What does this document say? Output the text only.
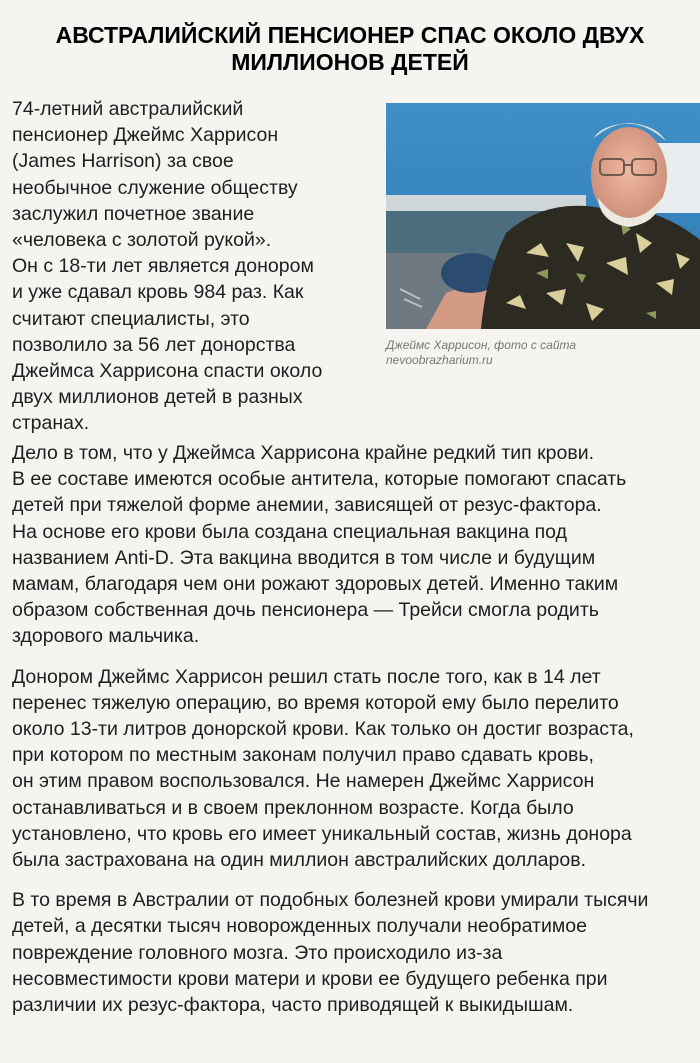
АВСТРАЛИЙСКИЙ ПЕНСИОНЕР СПАС ОКОЛО ДВУХ
МИЛЛИОНОВ ДЕТЕЙ

74-летний австралийский
пенсионер Джеймс Харрисон
(James Harrison) за свое
необычное служение обществу
заслужил почетное звание
«человека с золотой рукой».
Он с 18-ти лет является донором
и уже сдавал кровь 984 раз. Как
считают специалисты, это
позволило за 56 лет донорства
Джеймса Харрисона спасти около
двух миллионов детей в разных
странах.

Джеймс Харрисон, фото с сайта
nevoobrazharium.ru

Дело в том, что у Джеймса Харрисона крайне редкий тип крови.
В ее составе имеются особые антитела, которые помогают спасать
детей при тяжелой форме анемии, зависящей от резус-фактора.
На основе его крови была создана специальная вакцина под
названием Anti-D. Эта вакцина вводится в том числе и будущим
мамам, благодаря чем они рожают здоровых детей. Именно таким
образом собственная дочь пенсионера — Трейси смогла родить
здорового мальчика.

Донором Джеймс Харрисон решил стать после того, как в 14 лет
перенес тяжелую операцию, во время которой ему было перелито
около 13-ти литров донорской крови. Как только он достиг возраста,
при котором по местным законам получил право сдавать кровь,
он этим правом воспользовался. Не намерен Джеймс Харрисон
останавливаться и в своем преклонном возрасте. Когда было
установлено, что кровь его имеет уникальный состав, жизнь донора
была застрахована на один миллион австралийских долларов.

В то время в Австралии от подобных болезней крови умирали тысячи
детей, а десятки тысяч новорожденных получали необратимое
повреждение головного мозга. Это происходило из-за
несовместимости крови матери и крови ее будущего ребенка при
различии их резус-фактора, часто приводящей к выкидышам.
